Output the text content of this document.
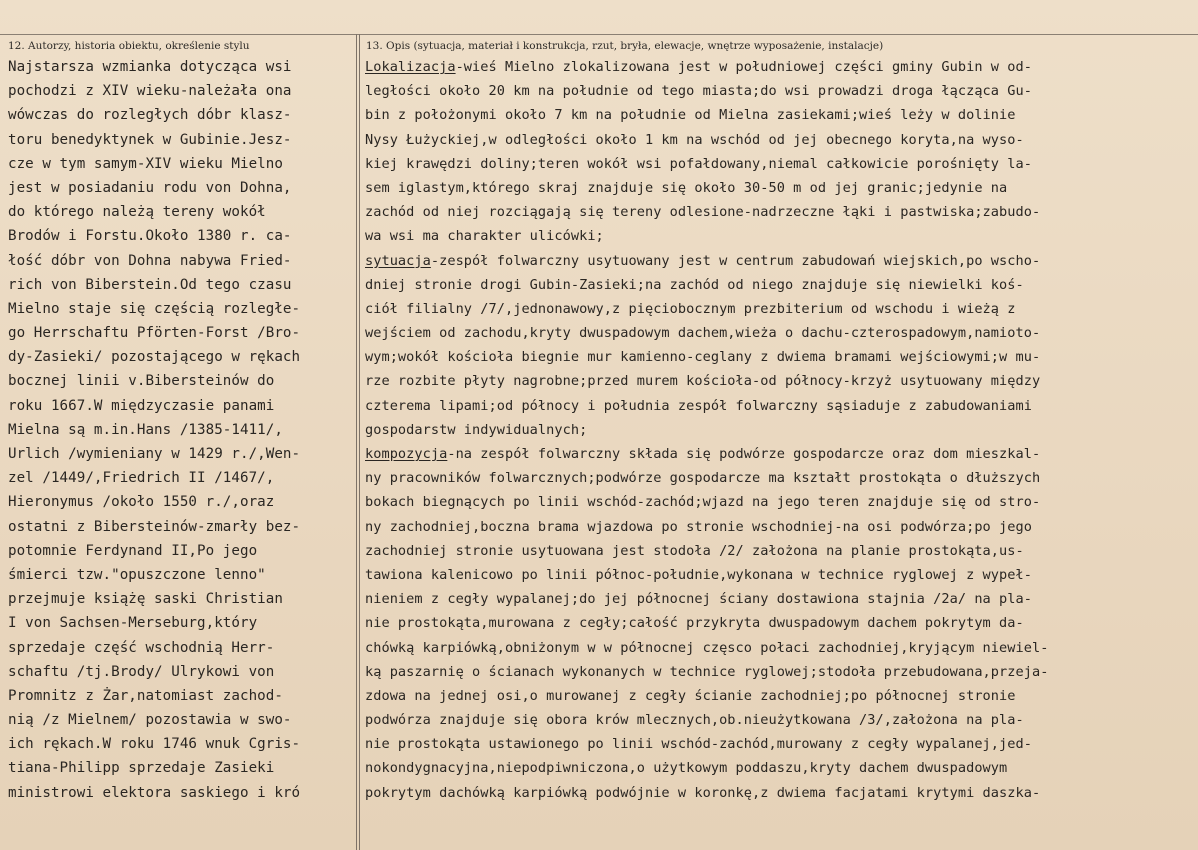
12. Autorzy, historia obiektu, określenie stylu	13. Opis (sytuacja, materiał i konstrukcja, rzut, bryła, elewacje, wnętrze wyposażenie, instalacje)
Najstarsza wzmianka dotycząca wsi
pochodzi z XIV wieku-należała ona
wówczas do rozległych dóbr klasz-
toru benedyktynek w Gubinie.Jesz-
cze w tym samym-XIV wieku Mielno
jest w posiadaniu rodu von Dohna,
do którego należą tereny wokół
Brodów i Forstu.Około 1380 r. ca-
łość dóbr von Dohna nabywa Fried-
rich von Biberstein.Od tego czasu
Mielno staje się częścią rozległe-
go Herrschaftu Pförten-Forst /Bro-
dy-Zasieki/ pozostającego w rękach
bocznej linii v.Bibersteinów do
roku 1667.W międzyczasie panami
Mielna są m.in.Hans /1385-1411/,
Urlich /wymieniany w 1429 r./,Wen-
zel /1449/,Friedrich II /1467/,
Hieronymus /około 1550 r./,oraz
ostatni z Bibersteinów-zmarły bez-
potomnie Ferdynand II,Po jego
śmierci tzw."opuszczone lenno"
przejmuje książę saski Christian
I von Sachsen-Merseburg,który
sprzedaje część wschodnią Herr-
schaftu /tj.Brody/ Ulrykowi von
Promnitz z Żar,natomiast zachod-
nią /z Mielnem/ pozostawia w swo-
ich rękach.W roku 1746 wnuk Cgris-
tiana-Philipp sprzedaje Zasieki
ministrowi elektora saskiego i kró
Lokalizacja-wieś Mielno zlokalizowana jest w południowej części gminy Gubin w od-
ległości około 20 km na południe od tego miasta;do wsi prowadzi droga łącząca Gu-
bin z położonymi około 7 km na południe od Mielna zasiekami;wieś leży w dolinie
Nysy Łużyckiej,w odległości około 1 km na wschód od jej obecnego koryta,na wyso-
kiej krawędzi doliny;teren wokół wsi pofałdowany,niemal całkowicie porośnięty la-
sem iglastym,którego skraj znajduje się około 30-50 m od jej granic;jedynie na
zachód od niej rozciągają się tereny odlesione-nadrzeczne łąki i pastwiska;zabudo-
wa wsi ma charakter ulicówki;
sytuacja-zespół folwarczny usytuowany jest w centrum zabudowań wiejskich,po wscho-
dniej stronie drogi Gubin-Zasieki;na zachód od niego znajduje się niewielki koś-
ciół filialny /7/,jednonawowy,z pięciobocznym prezbiterium od wschodu i wieżą z
wejściem od zachodu,kryty dwuspadowym dachem,wieża o dachu-czterospadowym,namioto-
wym;wokół kościoła biegnie mur kamienno-ceglany z dwiema bramami wejściowymi;w mu-
rze rozbite płyty nagrobne;przed murem kościoła-od północy-krzyż usytuowany między
czterema lipami;od północy i południa zespół folwarczny sąsiaduje z zabudowaniami
gospodarstw indywidualnych;
kompozycja-na zespół folwarczny składa się podwórze gospodarcze oraz dom mieszkal-
ny pracowników folwarcznych;podwórze gospodarcze ma kształt prostokąta o dłuższych
bokach biegnących po linii wschód-zachód;wjazd na jego teren znajduje się od stro-
ny zachodniej,boczna brama wjazdowa po stronie wschodniej-na osi podwórza;po jego
zachodniej stronie usytuowana jest stodoła /2/ założona na planie prostokąta,us-
tawiona kalenicowo po linii północ-południe,wykonana w technice ryglowej z wypeł-
nieniem z cegły wypalanej;do jej północnej ściany dostawiona stajnia /2a/ na pla-
nie prostokąta,murowana z cegły;całość przykryta dwuspadowym dachem pokrytym da-
chówką karpiówką,obniżonym w w północnej częsco połaci zachodniej,kryjącym niewiel-
ką paszarnię o ścianach wykonanych w technice ryglowej;stodoła przebudowana,przeja-
zdowa na jednej osi,o murowanej z cegły ścianie zachodniej;po północnej stronie
podwórza znajduje się obora krów mlecznych,ob.nieużytkowana /3/,założona na pla-
nie prostokąta ustawionego po linii wschód-zachód,murowany z cegły wypalanej,jed-
nokondygnacyjna,niepodpiwniczona,o użytkowym poddaszu,kryty dachem dwuspadowym
pokrytym dachówką karpiówką podwójnie w koronkę,z dwiema facjatami krytymi daszka-
